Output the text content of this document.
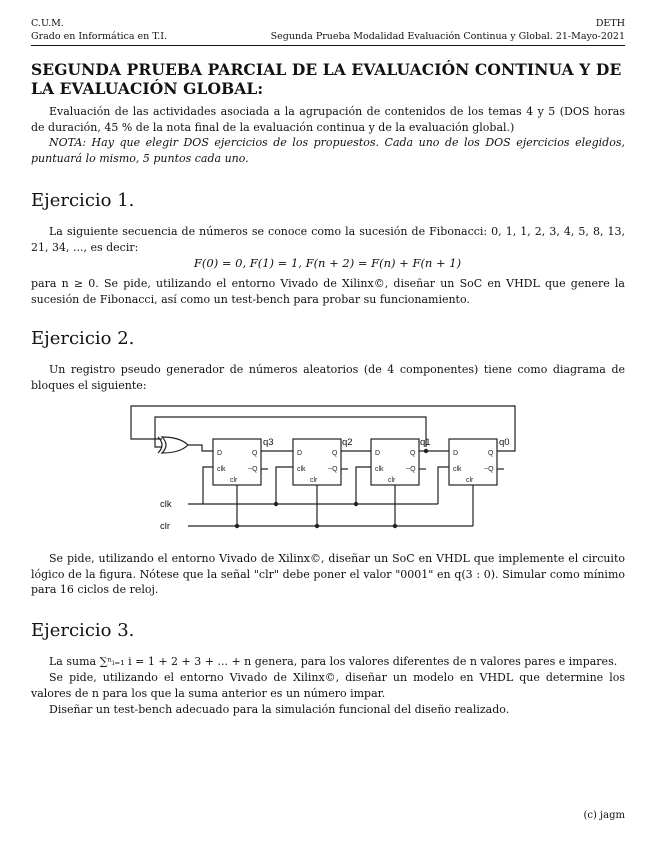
C.U.M.	DETH
Grado en Informática en T.I.	Segunda Prueba Modalidad Evaluación Continua y Global. 21-Mayo-2021
SEGUNDA PRUEBA PARCIAL DE LA EVALUACIÓN CONTINUA Y DE LA EVALUACIÓN GLOBAL:
Evaluación de las actividades asociada a la agrupación de contenidos de los temas 4 y 5 (DOS horas de duración, 45 % de la nota final de la evaluación continua y de la evaluación global.)
NOTA: Hay que elegir DOS ejercicios de los propuestos. Cada uno de los DOS ejercicios elegidos, puntuará lo mismo, 5 puntos cada uno.
Ejercicio 1.
La siguiente secuencia de números se conoce como la sucesión de Fibonacci: 0, 1, 1, 2, 3, 4, 5, 8, 13, 21, 34, ..., es decir:
F(0) = 0, F(1) = 1, F(n + 2) = F(n) + F(n + 1)
para n ≥ 0. Se pide, utilizando el entorno Vivado de Xilinx©, diseñar un SoC en VHDL que genere la sucesión de Fibonacci, así como un test-bench para probar su funcionamiento.
Ejercicio 2.
Un registro pseudo generador de números aleatorios (de 4 componentes) tiene como diagrama de bloques el siguiente:
D	Q
clk	~Q
clr
D	Q
clk	~Q
clr
D	Q
clk	~Q
clr
D	Q
clk	~Q
clr
q3	q2	q1	q0
clk
clr
Se pide, utilizando el entorno Vivado de Xilinx©, diseñar un SoC en VHDL que implemente el circuito lógico de la figura. Nótese que la señal "clr" debe poner el valor "0001" en q(3 : 0). Simular como mínimo para 16 ciclos de reloj.
Ejercicio 3.
La suma ∑ⁿᵢ₌₁ i = 1 + 2 + 3 + ... + n genera, para los valores diferentes de n valores pares e impares.
Se pide, utilizando el entorno Vivado de Xilinx©, diseñar un modelo en VHDL que determine los valores de n para los que la suma anterior es un número impar.
Diseñar un test-bench adecuado para la simulación funcional del diseño realizado.
(c) jagm
